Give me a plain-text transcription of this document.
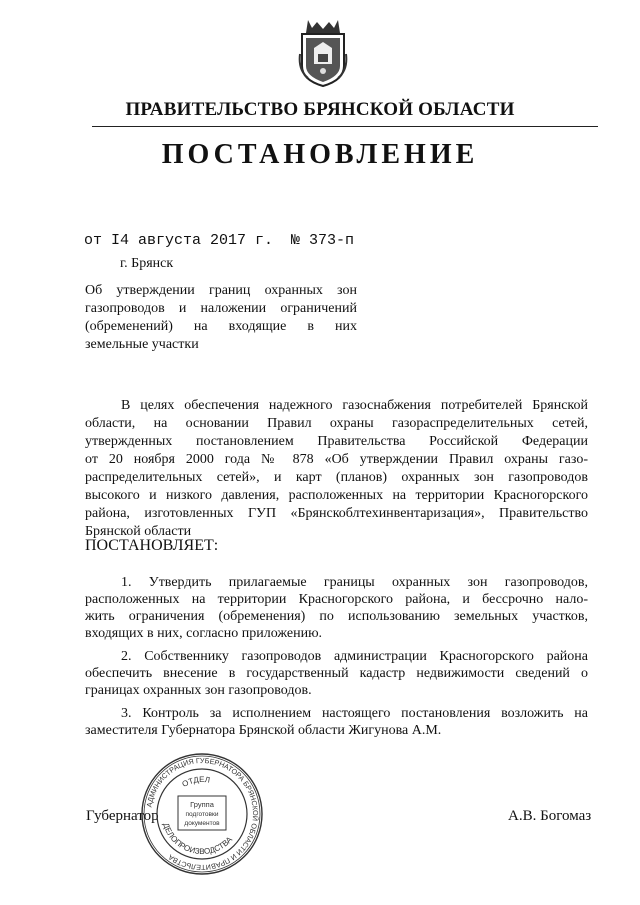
ПРАВИТЕЛЬСТВО БРЯНСКОЙ ОБЛАСТИ
ПОСТАНОВЛЕНИЕ
от I4 августа 2017 г.  № 373-п
г. Брянск
Об утверждении границ охранных зон
газопроводов и наложении ограничений
(обременений) на входящие в них
земельные участки
В целях обеспечения надежного газоснабжения потребителей Брянской
области, на основании Правил охраны газораспределительных сетей,
утвержденных постановлением Правительства Российской Федерации
от 20 ноября 2000 года № 878 «Об утверждении Правил охраны газо-
распределительных сетей», и карт (планов) охранных зон газопроводов
высокого и низкого давления, расположенных на территории Красногорского
района, изготовленных ГУП «Брянскоблтехинвентаризация», Правительство
Брянской области
ПОСТАНОВЛЯЕТ:
1. Утвердить прилагаемые границы охранных зон газопроводов,
расположенных на территории Красногорского района, и бессрочно нало-
жить ограничения (обременения) по использованию земельных участков,
входящих в них, согласно приложению.
2. Собственнику газопроводов администрации Красногорского района
обеспечить внесение в государственный кадастр недвижимости сведений о
границах охранных зон газопроводов.
3. Контроль за исполнением настоящего постановления возложить на
заместителя Губернатора Брянской области Жигунова А.М.
Губернатор	А.В. Богомаз
АДМИНИСТРАЦИЯ ГУБЕРНАТОРА БРЯНСКОЙ ОБЛАСТИ И ПРАВИТЕЛЬСТВА
ОТДЕЛ
ДЕЛОПРОИЗВОДСТВА
Группа
подготовки
документов
